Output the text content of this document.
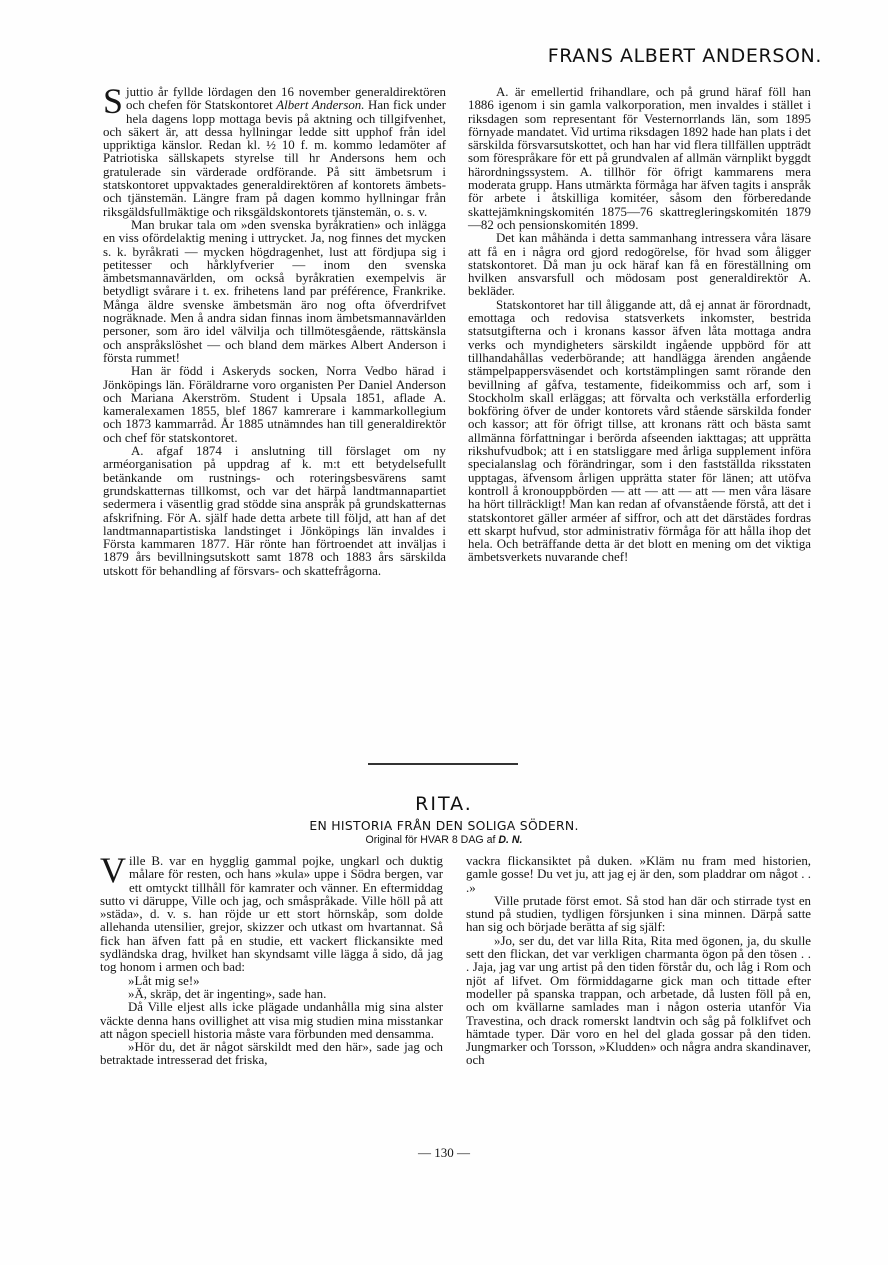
FRANS ALBERT ANDERSON.

Sjuttio år fyllde lördagen den 16 november generaldirektören och chefen för Statskontoret Albert Anderson. Han fick under hela dagens lopp mottaga bevis på aktning och tillgifvenhet, och säkert är, att dessa hyllningar ledde sitt upphof från idel uppriktiga känslor. Redan kl. ½ 10 f. m. kommo ledamöter af Patriotiska sällskapets styrelse till hr Andersons hem och gratulerade sin värderade ordförande. På sitt ämbetsrum i statskontoret uppvaktades generaldirektören af kontorets ämbets- och tjänstemän. Längre fram på dagen kommo hyllningar från riksgäldsfullmäktige och riksgäldskontorets tjänstemän, o. s. v.

Man brukar tala om »den svenska byråkratien» och inlägga en viss ofördelaktig mening i uttrycket. Ja, nog finnes det mycken s. k. byråkrati — mycken högdragenhet, lust att fördjupa sig i petitesser och hårklyfverier — inom den svenska ämbetsmannavärlden, om också byråkratien exempelvis är betydligt svårare i t. ex. frihetens land par préférence, Frankrike. Många äldre svenske ämbetsmän äro nog ofta öfverdrifvet nogräknade. Men å andra sidan finnas inom ämbetsmannavärlden personer, som äro idel välvilja och tillmötesgående, rättskänsla och anspråkslöshet — och bland dem märkes Albert Anderson i första rummet!

Han är född i Askeryds socken, Norra Vedbo härad i Jönköpings län. Föräldrarne voro organisten Per Daniel Anderson och Mariana Akerström. Student i Upsala 1851, aflade A. kameralexamen 1855, blef 1867 kamrerare i kammarkollegium och 1873 kammarråd. År 1885 utnämndes han till generaldirektör och chef för statskontoret.

A. afgaf 1874 i anslutning till förslaget om ny arméorganisation på uppdrag af k. m:t ett betydelsefullt betänkande om rustnings- och roteringsbesvärens samt grundskatternas tillkomst, och var det härpå landtmannapartiet sedermera i väsentlig grad stödde sina anspråk på grundskatternas afskrifning. För A. själf hade detta arbete till följd, att han af det landtmannapartistiska landstinget i Jönköpings län invaldes i Första kammaren 1877. Här rönte han förtroendet att inväljas i 1879 års bevillningsutskott samt 1878 och 1883 års särskilda utskott för behandling af försvars- och skattefrågorna.

A. är emellertid frihandlare, och på grund häraf föll han 1886 igenom i sin gamla valkorporation, men invaldes i stället i riksdagen som representant för Vesternorrlands län, som 1895 förnyade mandatet. Vid urtima riksdagen 1892 hade han plats i det särskilda försvarsutskottet, och han har vid flera tillfällen uppträdt som förespråkare för ett på grundvalen af allmän värnplikt byggdt härordningssystem. A. tillhör för öfrigt kammarens mera moderata grupp. Hans utmärkta förmåga har äfven tagits i anspråk för arbete i åtskilliga komitéer, såsom den förberedande skattejämkningskomitén 1875—76 skattregleringskomitén 1879—82 och pensionskomitén 1899.

Det kan måhända i detta sammanhang intressera våra läsare att få en i några ord gjord redogörelse, för hvad som åligger statskontoret. Då man ju ock häraf kan få en föreställning om hvilken ansvarsfull och mödosam post generaldirektör A. bekläder.

Statskontoret har till åliggande att, då ej annat är förordnadt, emottaga och redovisa statsverkets inkomster, bestrida statsutgifterna och i kronans kassor äfven låta mottaga andra verks och myndigheters särskildt ingående uppbörd för att tillhandahållas vederbörande; att handlägga ärenden angående stämpelpappersväsendet och kortstämplingen samt rörande den bevillning af gåfva, testamente, fideikommiss och arf, som i Stockholm skall erläggas; att förvalta och verkställa erforderlig bokföring öfver de under kontorets vård stående särskilda fonder och kassor; att för öfrigt tillse, att kronans rätt och bästa samt allmänna författningar i berörda afseenden iakttagas; att upprätta rikshufvudbok; att i en statsliggare med årliga supplement införa specialanslag och förändringar, som i den fastställda riksstaten upptagas, äfvensom årligen upprätta stater för länen; att utöfva kontroll å kronouppbörden — att — att — att — men våra läsare ha hört tillräckligt! Man kan redan af ofvanstående förstå, att det i statskontoret gäller arméer af siffror, och att det därstädes fordras ett skarpt hufvud, stor administrativ förmåga för att hålla ihop det hela. Och beträffande detta är det blott en mening om det viktiga ämbetsverkets nuvarande chef!

RITA.
EN HISTORIA FRÅN DEN SOLIGA SÖDERN.
Original för HVAR 8 DAG af D. N.

Ville B. var en hygglig gammal pojke, ungkarl och duktig målare för resten, och hans »kula» uppe i Södra bergen, var ett omtyckt tillhåll för kamrater och vänner. En eftermiddag sutto vi däruppe, Ville och jag, och småspråkade. Ville höll på att »städa», d. v. s. han röjde ur ett stort hörnskåp, som dolde allehanda utensilier, grejor, skizzer och utkast om hvartannat. Så fick han äfven fatt på en studie, ett vackert flickansikte med sydländska drag, hvilket han skyndsamt ville lägga å sido, då jag tog honom i armen och bad:

»Låt mig se!»

»Ä, skräp, det är ingenting», sade han.

Då Ville eljest alls icke plägade undanhålla mig sina alster väckte denna hans ovillighet att visa mig studien mina misstankar att någon speciell historia måste vara förbunden med densamma.

»Hör du, det är något särskildt med den här», sade jag och betraktade intresserad det friska,

vackra flickansiktet på duken. »Kläm nu fram med historien, gamle gosse! Du vet ju, att jag ej är den, som pladdrar om något . . .»

Ville prutade först emot. Så stod han där och stirrade tyst en stund på studien, tydligen försjunken i sina minnen. Därpå satte han sig och började berätta af sig själf:

»Jo, ser du, det var lilla Rita, Rita med ögonen, ja, du skulle sett den flickan, det var verkligen charmanta ögon på den tösen . . . Jaja, jag var ung artist på den tiden förstår du, och låg i Rom och njöt af lifvet. Om förmiddagarne gick man och tittade efter modeller på spanska trappan, och arbetade, då lusten föll på en, och om kvällarne samlades man i någon osteria utanför Via Travestina, och drack romerskt landtvin och såg på folklifvet och hämtade typer. Där voro en hel del glada gossar på den tiden. Jungmarker och Torsson, »Kludden» och några andra skandinaver, och

— 130 —
